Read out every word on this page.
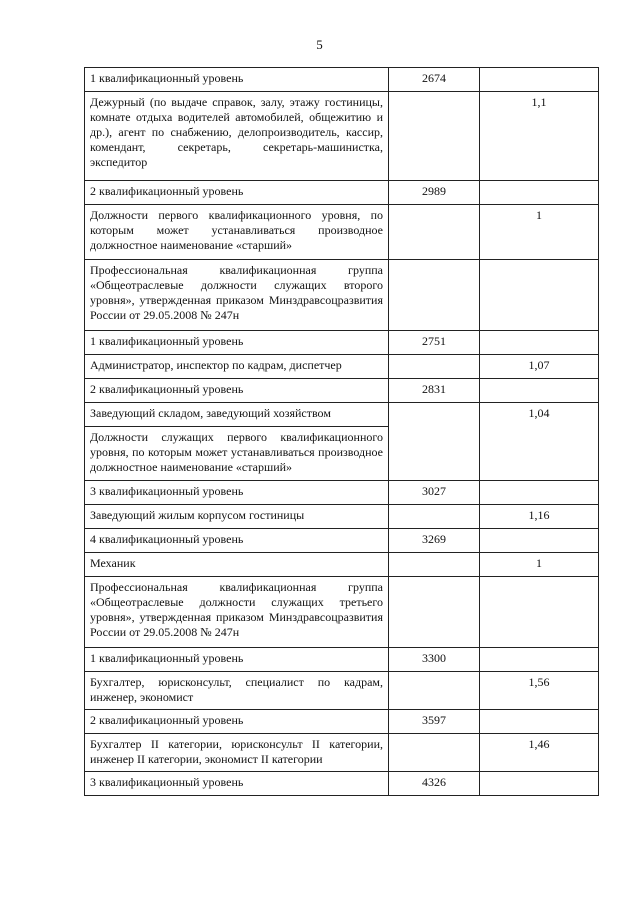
5
1 квалификационный уровень	2674	
Дежурный (по выдаче справок, залу, этажу гостиницы, комнате отдыха водителей автомобилей, общежитию и др.), агент по снабжению, делопроизводитель, кассир, комендант, секретарь, секретарь-машинистка, экспедитор		1,1
2 квалификационный уровень	2989	
Должности первого квалификационного уровня, по которым может устанавливаться производное должностное наименование «старший»		1
Профессиональная квалификационная группа «Общеотраслевые должности служащих второго уровня», утвержденная приказом Минздравсоцразвития России от 29.05.2008 № 247н		
1 квалификационный уровень	2751	
Администратор, инспектор по кадрам, диспетчер		1,07
2 квалификационный уровень	2831	
Заведующий складом, заведующий хозяйством		1,04
Должности служащих первого квалификационного уровня, по которым может устанавливаться производное должностное наименование «старший»		
3 квалификационный уровень	3027	
Заведующий жилым корпусом гостиницы		1,16
4 квалификационный уровень	3269	
Механик		1
Профессиональная квалификационная группа «Общеотраслевые должности служащих третьего уровня», утвержденная приказом Минздравсоцразвития России от 29.05.2008 № 247н		
1 квалификационный уровень	3300	
Бухгалтер, юрисконсульт, специалист по кадрам, инженер, экономист		1,56
2 квалификационный уровень	3597	
Бухгалтер II категории, юрисконсульт II категории, инженер II категории, экономист II категории		1,46
3 квалификационный уровень	4326	
